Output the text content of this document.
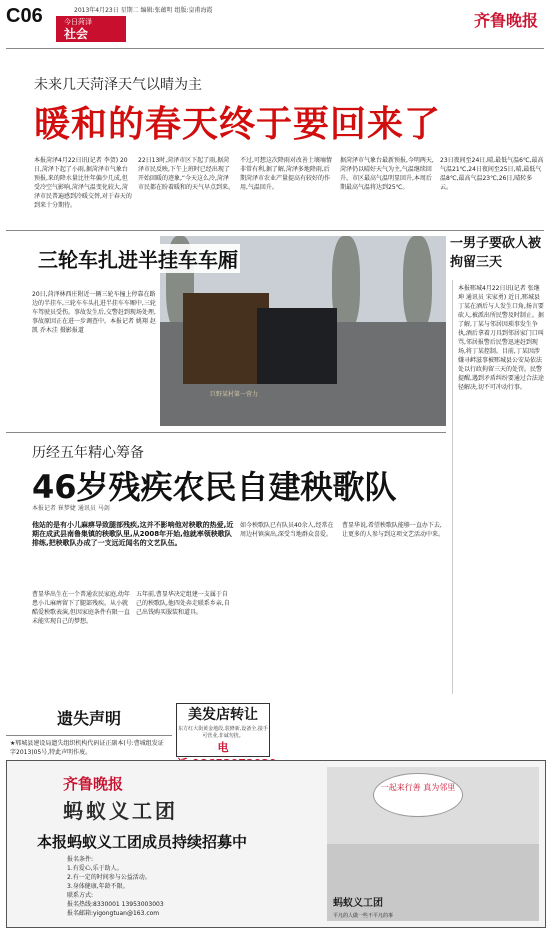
C06	2013年4月23日 星期二 编辑:张蕴明 组版:皇甫海霞
今日菏泽
社会
齐鲁晚报
未来几天菏泽天气以晴为主
暖和的春天终于要回来了
本报菏泽4月22日讯(记者 李贺) 20日,菏泽下起了小雨,据菏泽市气象台预报,来的降水量比往年偏少几成,但受冷空气影响,菏泽气温变化较大,菏泽市民普遍感到冷暖交替,对于春天的到来十分期待。
22日13时,菏泽市区下起了雨,据菏泽市民反映,下午上班时已经出现了开始回暖的迹象,“今天这么冷,菏泽市民都在盼着暖和的天气早点到来。
不过,可想这次降雨对改善土壤墒情非常有利,据了解,菏泽多地降雨,后期菏泽市农业产量提高有较好的作用,气温回升。
据菏泽市气象台最新预报,今明两天,菏泽仍以晴好天气为主,气温继续回升。市区最高气温明显回升,本周后期最高气温将达到25℃。
23日夜间至24日,晴,最低气温6℃,最高气温21℃,24日夜间至25日,晴,最低气温8℃,最高气温23℃,26日,晴转多云。
巨野某村第一营力
三轮车扎进半挂车车厢
20日,菏泽林西庄附近一辆三轮车撞上停靠在路边的半挂车,三轮车车头扎进半挂车车厢中,三轮车驾驶员受伤。事故发生后,交警赶到现场处理,事故原因正在进一步调查中。本报记者 姚翔 赵凯 乔木洼 摄影报道
一男子要砍人被拘留三天
本报郓城4月22日讯(记者 张继坤 通讯员 宋家勇) 近日,郓城县丁某在酒后与人发生口角,扬言要砍人,被派出所民警及时制止。据了解,丁某与邻居因琐事发生争执,酒后拿着刀具到邻居家门口叫骂,邻居报警后民警迅速赶到现场,将丁某控制。目前,丁某因涉嫌寻衅滋事被郓城县公安局依法处以行政拘留三天的处罚。民警提醒,遇到矛盾纠纷要通过合法途径解决,切不可冲动行事。
历经五年精心筹备
46岁残疾农民自建秧歌队
本报记者 崔梦婕 通讯员 马剑
他站的是有小儿麻痹导致腿部残疾,这并不影响他对秧歌的热爱,近期在成武县南鲁集镇的秧歌队里,从2008年开始,他就率领秧歌队排练,把秧歌队办成了一支远近闻名的文艺队伍。
曹显华出生在一个普通农民家庭,幼年患小儿麻痹留下了腿部残疾。从小就酷爱秧歌表演,但因家庭条件有限一直未能实现自己的梦想。
五年前,曹显华决定组建一支属于自己的秧歌队,他四处奔走联系乡亲,自己出钱购买服装和道具。
如今秧歌队已有队员40余人,经常在周边村镇演出,深受当地群众喜爱。
曹显华说,希望秧歌队能够一直办下去,让更多的人参与到这项文艺活动中来。
遗失声明
★郓城县建设局遗失组织机构代码证正副本(号:曹城组发证字2013)05号,特此声明作废。
美发店转让
东方红大街黄金地段,装修新,设备全,接手可营业,非诚勿扰。
电
齐鲁晚报
蚂蚁义工团
本报蚂蚁义工团成员持续招募中
报名条件:
1.有爱心,乐于助人。
2.有一定的时间参与公益活动。
3.身体健康,年龄不限。
联系方式:
报名热线:8330001 13953003003
报名邮箱:yigongtuan@163.com
一起来行善 真为邻里
蚂蚁义工团
平凡的人做一些不平凡的事
